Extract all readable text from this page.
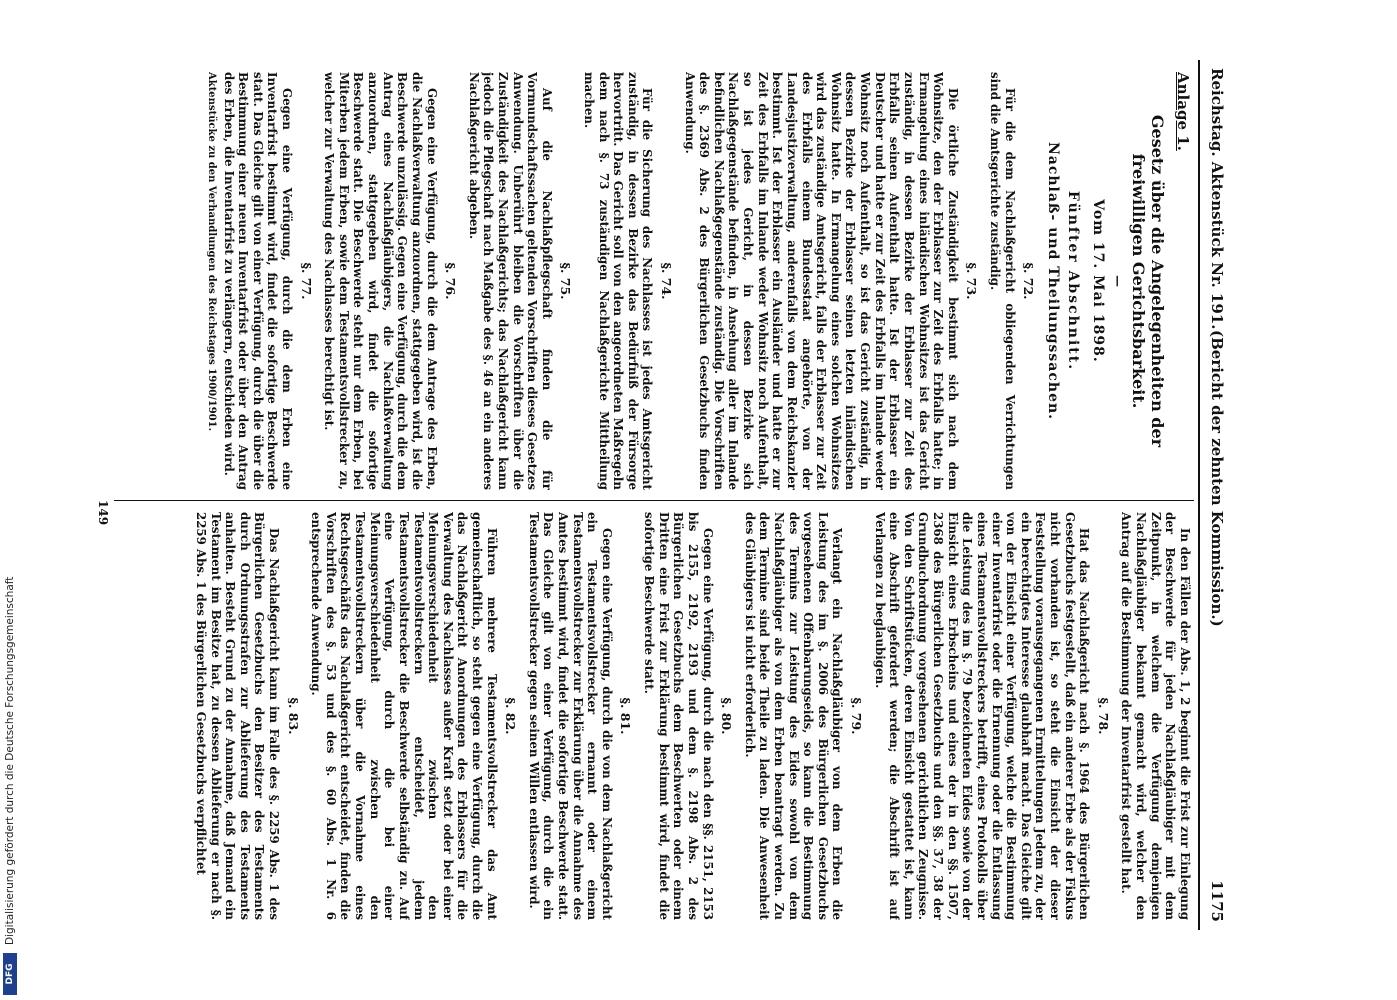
Digitalisierung gefördert durch die Deutsche Forschungsgemeinschaft
DFG
Reichstag. Aktenstück Nr. 191.
(Bericht der zehnten Kommission.)
1175
Anlage 1.
Gesetz über die Angelegenheiten der freiwilligen Gerichtsbarkeit.
—
Vom 17. Mai 1898.
Fünfter Abschnitt.
Nachlaß- und Theilungssachen.
§. 72.

Für die dem Nachlaßgericht obliegenden Verrichtungen sind die Amtsgerichte zuständig.

§. 73.

Die örtliche Zuständigkeit bestimmt sich nach dem Wohnsitze, den der Erblasser zur Zeit des Erbfalls hatte; in Ermangelung eines inländischen Wohnsitzes ist das Gericht zuständig, in dessen Bezirke der Erblasser zur Zeit des Erbfalls seinen Aufenthalt hatte. Ist der Erblasser ein Deutscher und hatte er zur Zeit des Erbfalls im Inlande weder Wohnsitz noch Aufenthalt, so ist das Gericht zuständig, in dessen Bezirke der Erblasser seinen letzten inländischen Wohnsitz hatte. In Ermangelung eines solchen Wohnsitzes wird das zuständige Amtsgericht, falls der Erblasser zur Zeit des Erbfalls einem Bundesstaat angehörte, von der Landesjustizverwaltung, anderenfalls von dem Reichskanzler bestimmt. Ist der Erblasser ein Ausländer und hatte er zur Zeit des Erbfalls im Inlande weder Wohnsitz noch Aufenthalt, so ist jedes Gericht, in dessen Bezirke sich Nachlaßgegenstände befinden, in Ansehung aller im Inlande befindlichen Nachlaßgegenstände zuständig. Die Vorschriften des §. 2369 Abs. 2 des Bürgerlichen Gesetzbuchs finden Anwendung.

§. 74.

Für die Sicherung des Nachlasses ist jedes Amtsgericht zuständig, in dessen Bezirke das Bedürfniß der Fürsorge hervortritt. Das Gericht soll von den angeordneten Maßregeln dem nach §. 73 zuständigen Nachlaßgerichte Mittheilung machen.

§. 75.

Auf die Nachlaßpflegschaft finden die für Vormundschaftssachen geltenden Vorschriften dieses Gesetzes Anwendung. Unberührt bleiben die Vorschriften über die Zuständigkeit des Nachlaßgerichts; das Nachlaßgericht kann jedoch die Pflegschaft nach Maßgabe des §. 46 an ein anderes Nachlaßgericht abgeben.

§. 76.

Gegen eine Verfügung, durch die dem Antrage des Erben, die Nachlaßverwaltung anzuordnen, stattgegeben wird, ist die Beschwerde unzulässig. Gegen eine Verfügung, durch die dem Antrag eines Nachlaßgläubigers, die Nachlaßverwaltung anzuordnen, stattgegeben wird, findet die sofortige Beschwerde statt. Die Beschwerde steht nur dem Erben, bei Miterben jedem Erben, sowie dem Testamentsvollstrecker zu, welcher zur Verwaltung des Nachlasses berechtigt ist.

§. 77.

Gegen eine Verfügung, durch die dem Erben eine Inventarfrist bestimmt wird, findet die sofortige Beschwerde statt. Das Gleiche gilt von einer Verfügung, durch die über die Bestimmung einer neuen Inventarfrist oder über den Antrag des Erben, die Inventarfrist zu verlängern, entschieden wird.

Aktenstücke zu den Verhandlungen des Reichstages 1900/1901.

In den Fällen der Abs. 1, 2 beginnt die Frist zur Einlegung der Beschwerde für jeden Nachlaßgläubiger mit dem Zeitpunkt, in welchem die Verfügung demjenigen Nachlaßgläubiger bekannt gemacht wird, welcher den Antrag auf die Bestimmung der Inventarfrist gestellt hat.

§. 78.

Hat das Nachlaßgericht nach §. 1964 des Bürgerlichen Gesetzbuchs festgestellt, daß ein anderer Erbe als der Fiskus nicht vorhanden ist, so steht die Einsicht der dieser Feststellung vorausgegangenen Ermittelungen Jedem zu, der ein berechtigtes Interesse glaubhaft macht. Das Gleiche gilt von der Einsicht einer Verfügung, welche die Bestimmung einer Inventarfrist oder die Ernennung oder die Entlassung eines Testamentsvollstreckers betrifft, eines Protokolls über die Leistung des im §. 79 bezeichneten Eides sowie von der Einsicht eines Erbscheins und eines der in den §§. 1507, 2368 des Bürgerlichen Gesetzbuchs und den §§. 37, 38 der Grundbuchordnung vorgesehenen gerichtlichen Zeugnisse. Von den Schriftstücken, deren Einsicht gestattet ist, kann eine Abschrift gefordert werden; die Abschrift ist auf Verlangen zu beglaubigen.

§. 79.

Verlangt ein Nachlaßgläubiger von dem Erben die Leistung des im §. 2006 des Bürgerlichen Gesetzbuchs vorgesehenen Offenbarungseids, so kann die Bestimmung des Termins zur Leistung des Eides sowohl von dem Nachlaßgläubiger als von dem Erben beantragt werden. Zu dem Termine sind beide Theile zu laden. Die Anwesenheit des Gläubigers ist nicht erforderlich.

§. 80.

Gegen eine Verfügung, durch die nach den §§. 2151, 2153 bis 2155, 2192, 2193 und dem §. 2198 Abs. 2 des Bürgerlichen Gesetzbuchs dem Beschwerten oder einem Dritten eine Frist zur Erklärung bestimmt wird, findet die sofortige Beschwerde statt.

§. 81.

Gegen eine Verfügung, durch die von dem Nachlaßgericht ein Testamentsvollstrecker ernannt oder einem Testamentsvollstrecker zur Erklärung über die Annahme des Amtes bestimmt wird, findet die sofortige Beschwerde statt. Das Gleiche gilt von einer Verfügung, durch die ein Testamentsvollstrecker gegen seinen Willen entlassen wird.

§. 82.

Führen mehrere Testamentsvollstrecker das Amt gemeinschaftlich, so steht gegen eine Verfügung, durch die das Nachlaßgericht Anordnungen des Erblassers für die Verwaltung des Nachlasses außer Kraft setzt oder bei einer Meinungsverschiedenheit zwischen den Testamentsvollstreckern entscheidet, jedem Testamentsvollstrecker die Beschwerde selbständig zu. Auf eine Verfügung, durch die bei einer Meinungsverschiedenheit zwischen den Testamentsvollstreckern über die Vornahme eines Rechtsgeschäfts das Nachlaßgericht entscheidet, finden die Vorschriften des §. 53 und des §. 60 Abs. 1 Nr. 6 entsprechende Anwendung.

§. 83.

Das Nachlaßgericht kann im Falle des §. 2259 Abs. 1 des Bürgerlichen Gesetzbuchs den Besitzer des Testaments durch Ordnungsstrafen zur Ablieferung des Testaments anhalten. Besteht Grund zu der Annahme, daß Jemand ein Testament im Besitze hat, zu dessen Ablieferung er nach §. 2259 Abs. 1 des Bürgerlichen Gesetzbuchs verpflichtet

149
